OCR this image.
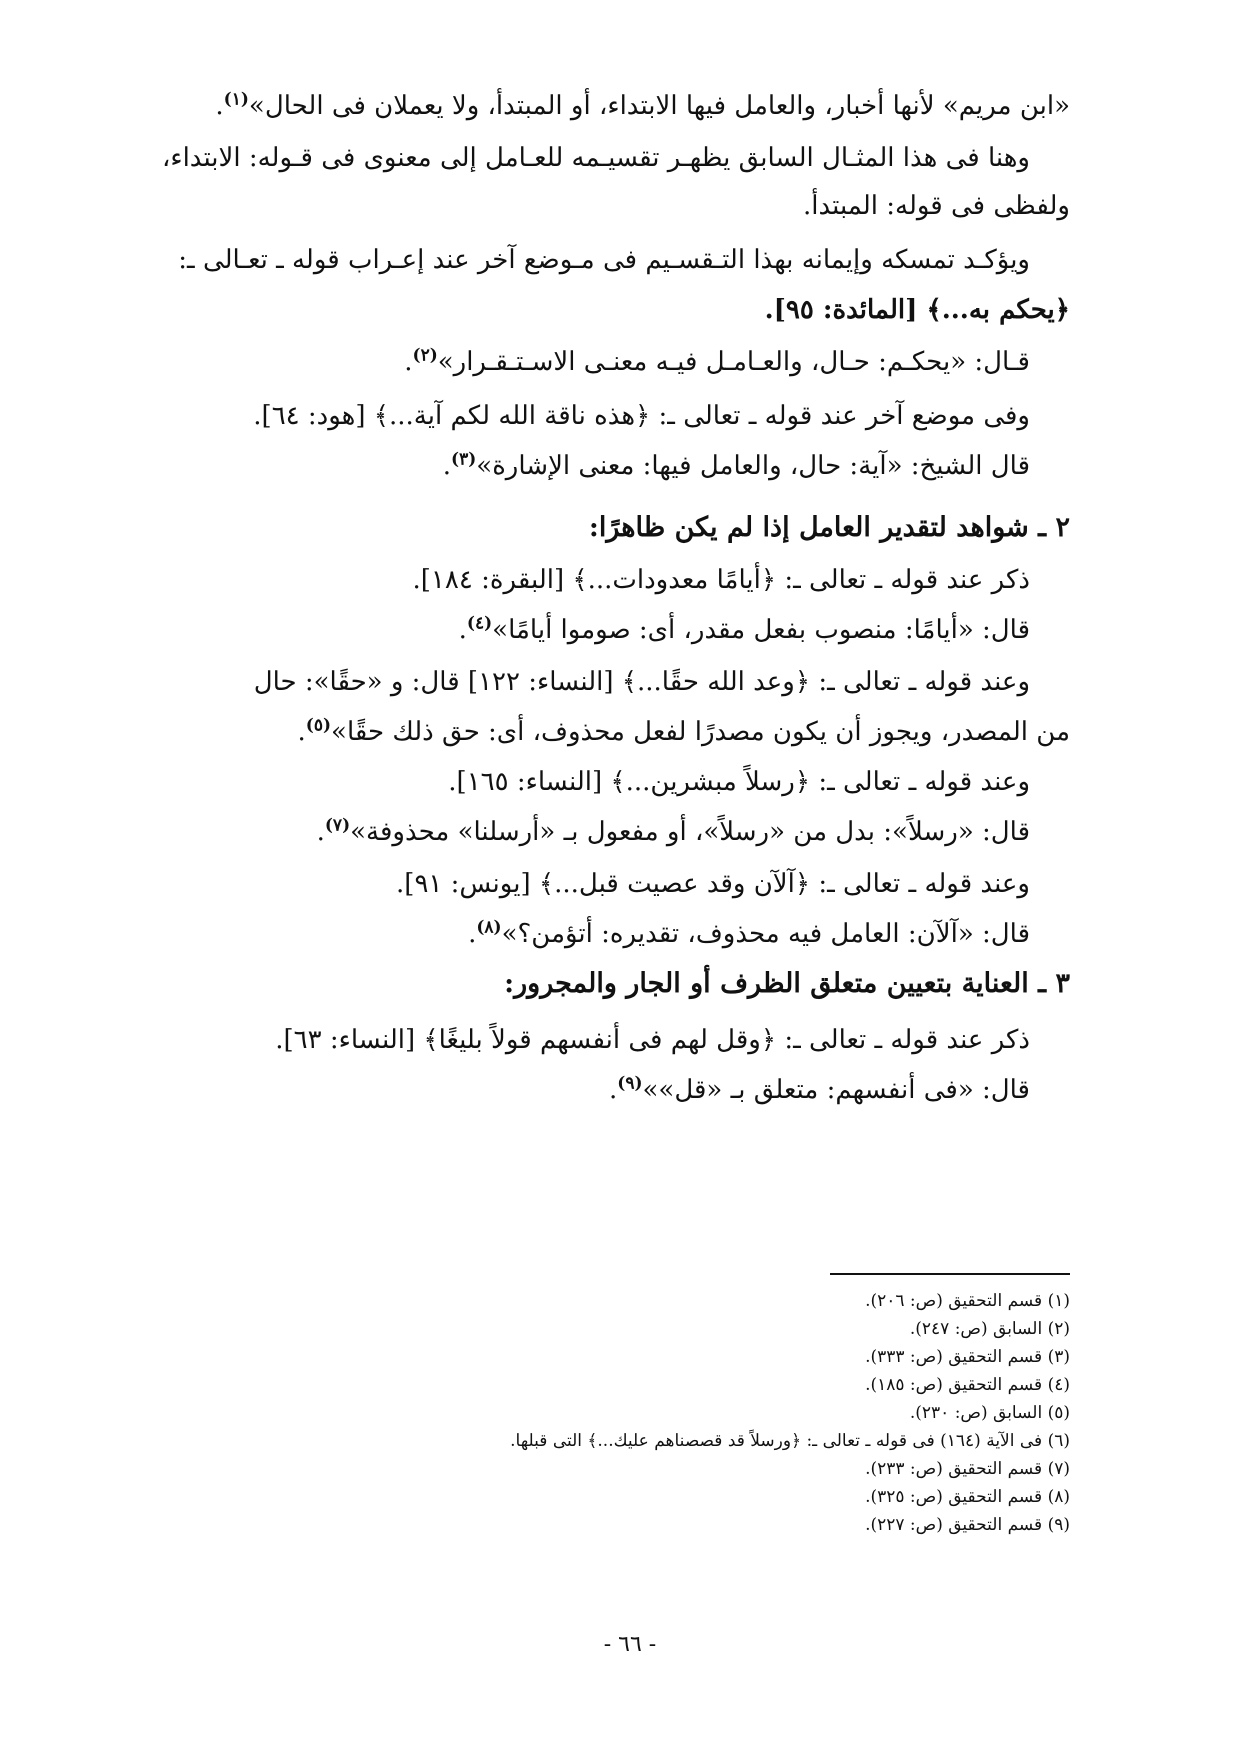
«ابن مريم» لأنها أخبار، والعامل فيها الابتداء، أو المبتدأ، ولا يعملان فى الحال»$^{(١)}$.
وهنا فى هذا المثـال السابق يظهـر تقسيـمه للعـامل إلى معنوى فى قـوله: الابتداء،
ولفظى فى قوله: المبتدأ.
ويؤكـد تمسكه وإيمانه بهذا التـقسـيم فى مـوضع آخر عند إعـراب قوله ـ تعـالى ـ:
﴿يحكم به...﴾ [المائدة: ٩٥].
قـال: «يحكـم: حـال، والعـامـل فيـه معنـى الاسـتـقـرار»$^{(٢)}$.
وفى موضع آخر عند قوله ـ تعالى ـ: ﴿هذه ناقة الله لكم آية...﴾ [هود: ٦٤].
قال الشيخ: «آية: حال، والعامل فيها: معنى الإشارة»$^{(٣)}$.
٢ ـ شواهد لتقدير العامل إذا لم يكن ظاهرًا:
ذكر عند قوله ـ تعالى ـ: ﴿أيامًا معدودات...﴾ [البقرة: ١٨٤].
قال: «أيامًا: منصوب بفعل مقدر، أى: صوموا أيامًا»$^{(٤)}$.
وعند قوله ـ تعالى ـ: ﴿وعد الله حقًا...﴾ [النساء: ١٢٢] قال: و «حقًا»: حال
من المصدر، ويجوز أن يكون مصدرًا لفعل محذوف، أى: حق ذلك حقًا»$^{(٥)}$.
وعند قوله ـ تعالى ـ: ﴿رسلاً مبشرين...﴾ [النساء: ١٦٥].
قال: «رسلاً»: بدل من «رسلاً»، أو مفعول بـ «أرسلنا» محذوفة»$^{(٧)}$.
وعند قوله ـ تعالى ـ: ﴿آلآن وقد عصيت قبل...﴾ [يونس: ٩١].
قال: «آلآن: العامل فيه محذوف، تقديره: أتؤمن؟»$^{(٨)}$.
٣ ـ العناية بتعيين متعلق الظرف أو الجار والمجرور:
ذكر عند قوله ـ تعالى ـ: ﴿وقل لهم فى أنفسهم قولاً بليغًا﴾ [النساء: ٦٣].
قال: «فى أنفسهم: متعلق بـ «قل»»$^{(٩)}$.
(١) قسم التحقيق (ص: ٢٠٦).
(٢) السابق (ص: ٢٤٧).
(٣) قسم التحقيق (ص: ٣٣٣).
(٤) قسم التحقيق (ص: ١٨٥).
(٥) السابق (ص: ٢٣٠).
(٦) فى الآية (١٦٤) فى قوله ـ تعالى ـ: ﴿ورسلاً قد قصصناهم عليك...﴾ التى قبلها.
(٧) قسم التحقيق (ص: ٢٣٣).
(٨) قسم التحقيق (ص: ٣٢٥).
(٩) قسم التحقيق (ص: ٢٢٧).
- ٦٦ -
